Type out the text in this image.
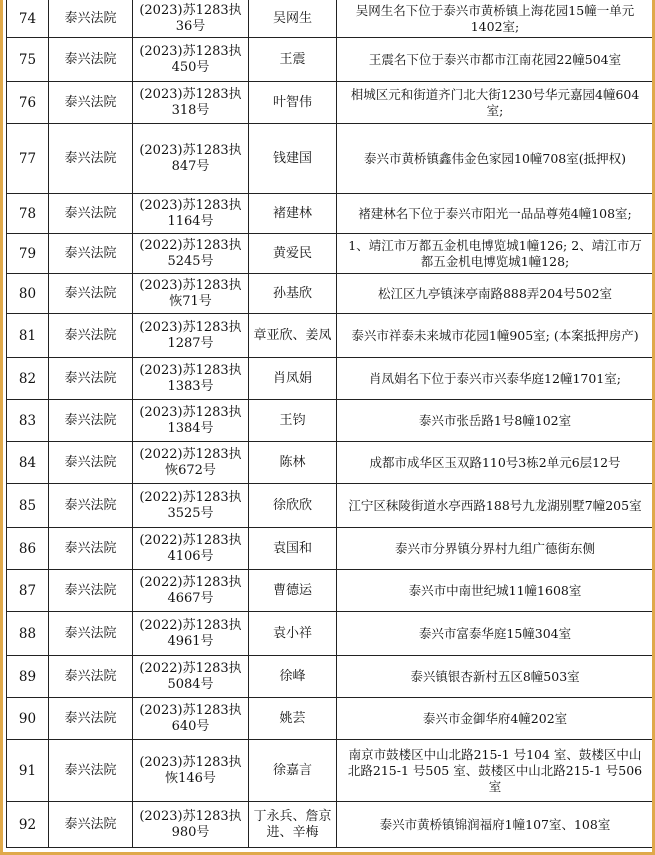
74	泰兴法院	(2023)苏1283执36号	吴网生	吴网生名下位于泰兴市黄桥镇上海花园15幢一单元1402室;
75	泰兴法院	(2023)苏1283执450号	王震	王震名下位于泰兴市都市江南花园22幢504室
76	泰兴法院	(2023)苏1283执318号	叶智伟	相城区元和街道齐门北大街1230号华元嘉园4幢604室;
77	泰兴法院	(2023)苏1283执847号	钱建国	泰兴市黄桥镇鑫伟金色家园10幢708室(抵押权)
78	泰兴法院	(2023)苏1283执1164号	褚建林	褚建林名下位于泰兴市阳光一品品尊苑4幢108室;
79	泰兴法院	(2022)苏1283执5245号	黄爱民	1、靖江市万都五金机电博览城1幢126; 2、靖江市万都五金机电博览城1幢128;
80	泰兴法院	(2023)苏1283执恢71号	孙基欣	松江区九亭镇涞亭南路888弄204号502室
81	泰兴法院	(2023)苏1283执1287号	章亚欣、姜凤	泰兴市祥泰未来城市花园1幢905室; (本案抵押房产)
82	泰兴法院	(2023)苏1283执1383号	肖凤娟	肖凤娟名下位于泰兴市兴泰华庭12幢1701室;
83	泰兴法院	(2023)苏1283执1384号	王钧	泰兴市张岳路1号8幢102室
84	泰兴法院	(2022)苏1283执恢672号	陈林	成都市成华区玉双路110号3栋2单元6层12号
85	泰兴法院	(2022)苏1283执3525号	徐欣欣	江宁区秣陵街道水亭西路188号九龙湖别墅7幢205室
86	泰兴法院	(2022)苏1283执4106号	袁国和	泰兴市分界镇分界村九组广德街东侧
87	泰兴法院	(2022)苏1283执4667号	曹德运	泰兴市中南世纪城11幢1608室
88	泰兴法院	(2022)苏1283执4961号	袁小祥	泰兴市富泰华庭15幢304室
89	泰兴法院	(2022)苏1283执5084号	徐峰	泰兴镇银杏新村五区8幢503室
90	泰兴法院	(2023)苏1283执640号	姚芸	泰兴市金御华府4幢202室
91	泰兴法院	(2023)苏1283执恢146号	徐嘉言	南京市鼓楼区中山北路215-1 号104 室、鼓楼区中山北路215-1 号505 室、鼓楼区中山北路215-1 号506 室
92	泰兴法院	(2023)苏1283执980号	丁永兵、詹京进、辛梅	泰兴市黄桥镇锦润福府1幢107室、108室
